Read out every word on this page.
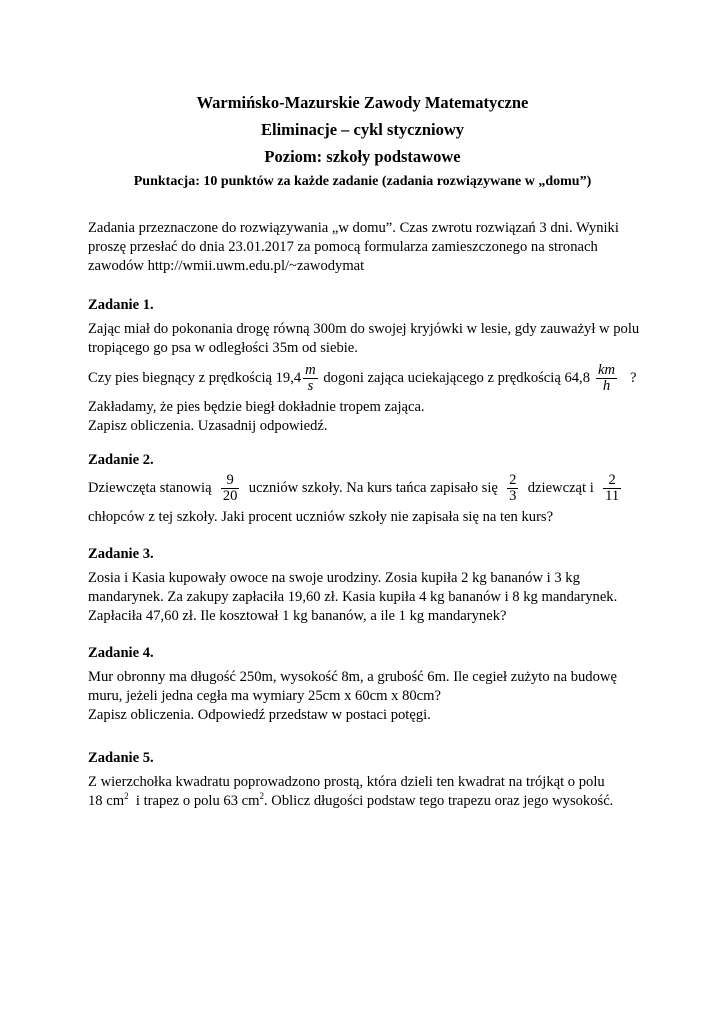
Warmińsko-Mazurskie Zawody Matematyczne
Eliminacje – cykl styczniowy
Poziom: szkoły podstawowe
Punktacja: 10 punktów za każde zadanie (zadania rozwiązywane w „domu”)
Zadania przeznaczone do rozwiązywania „w domu”. Czas zwrotu rozwiązań 3 dni. Wyniki
proszę przesłać do dnia 23.01.2017 za pomocą formularza zamieszczonego na stronach
zawodów http://wmii.uwm.edu.pl/~zawodymat
Zadanie 1.
Zając miał do pokonania drogę równą 300m do swojej kryjówki w lesie, gdy zauważył w polu
tropiącego go psa w odległości 35m od siebie.
Czy pies biegnący z prędkością $19,4 \frac{m}{s}$ dogoni zająca uciekającego z prędkością $64,8 \frac{km}{h}$ ?
Zakładamy, że pies będzie biegł dokładnie tropem zająca.
Zapisz obliczenia. Uzasadnij odpowiedź.
Zadanie 2.
Dziewczęta stanowią $\frac{9}{20}$ uczniów szkoły. Na kurs tańca zapisało się $\frac{2}{3}$ dziewcząt i $\frac{2}{11}$
chłopców z tej szkoły. Jaki procent uczniów szkoły nie zapisała się na ten kurs?
Zadanie 3.
Zosia i Kasia kupowały owoce na swoje urodziny. Zosia kupiła 2 kg bananów i 3 kg
mandarynek. Za zakupy zapłaciła 19,60 zł. Kasia kupiła 4 kg bananów i 8 kg mandarynek.
Zapłaciła 47,60 zł. Ile kosztował 1 kg bananów, a ile 1 kg mandarynek?
Zadanie 4.
Mur obronny ma długość 250m, wysokość 8m, a grubość 6m. Ile cegieł zużyto na budowę
muru, jeżeli jedna cegła ma wymiary 25cm x 60cm x 80cm?
Zapisz obliczenia. Odpowiedź przedstaw w postaci potęgi.
Zadanie 5.
Z wierzchołka kwadratu poprowadzono prostą, która dzieli ten kwadrat na trójkąt o polu
18 $cm^2$  i trapez o polu 63 $cm^2$. Oblicz długości podstaw tego trapezu oraz jego wysokość.
